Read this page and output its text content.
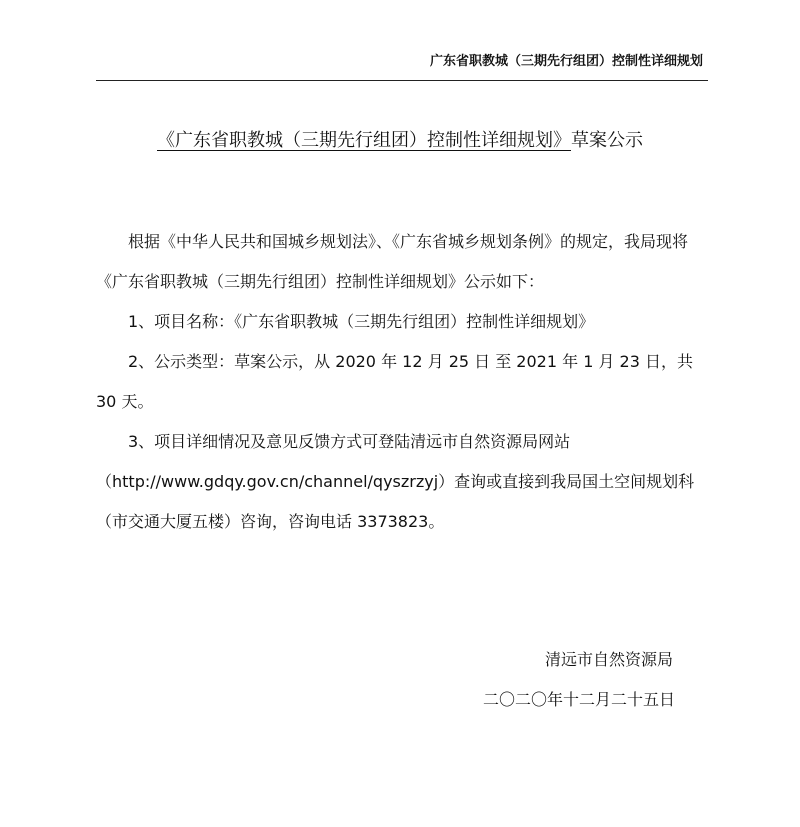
广东省职教城（三期先行组团）控制性详细规划
《广东省职教城（三期先行组团）控制性详细规划》草案公示

根据《中华人民共和国城乡规划法》、《广东省城乡规划条例》的规定，我局现将《广东省职教城（三期先行组团）控制性详细规划》公示如下：

1、项目名称：《广东省职教城（三期先行组团）控制性详细规划》

2、公示类型：草案公示，从 2020 年 12 月 25 日 至 2021 年 1 月 23 日，共 30 天。

3、项目详细情况及意见反馈方式可登陆清远市自然资源局网站（http://www.gdqy.gov.cn/channel/qyszrzyj）查询或直接到我局国土空间规划科（市交通大厦五楼）咨询，咨询电话 3373823。

清远市自然资源局
二〇二〇年十二月二十五日
